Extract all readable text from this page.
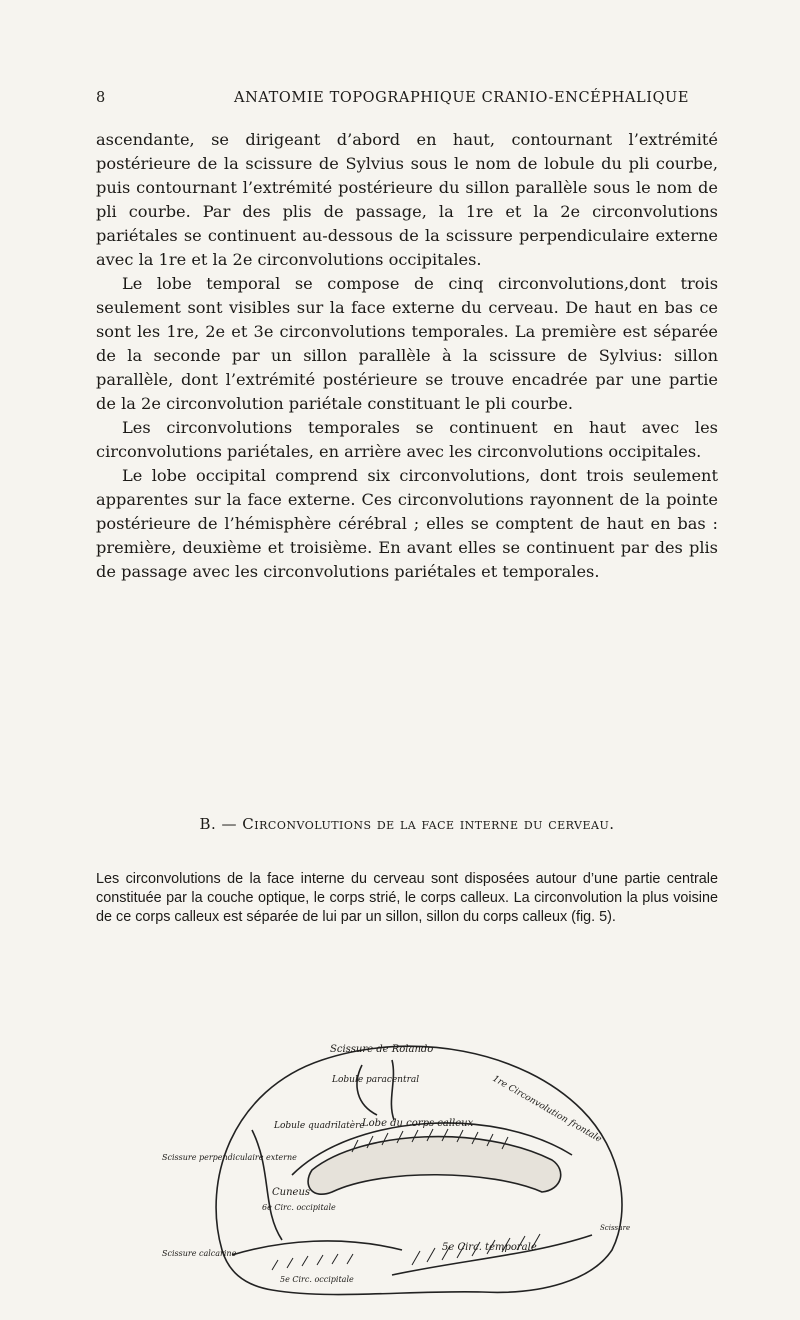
8	ANATOMIE TOPOGRAPHIQUE CRANIO-ENCÉPHALIQUE

ascendante, se dirigeant d’abord en haut, contournant l’extrémité postérieure de la scissure de Sylvius sous le nom de lobule du pli courbe, puis contournant l’extrémité postérieure du sillon parallèle sous le nom de pli courbe. Par des plis de passage, la 1re et la 2e circonvolutions pariétales se continuent au-dessous de la scissure perpendiculaire externe avec la 1re et la 2e circonvolutions occipitales.

Le lobe temporal se compose de cinq circonvolutions,dont trois seulement sont visibles sur la face externe du cerveau. De haut en bas ce sont les 1re, 2e et 3e circonvolutions temporales. La première est séparée de la seconde par un sillon parallèle à la scissure de Sylvius: sillon parallèle, dont l’extrémité postérieure se trouve encadrée par une partie de la 2e circonvolution pariétale constituant le pli courbe.

Les circonvolutions temporales se continuent en haut avec les circonvolutions pariétales, en arrière avec les circonvolutions occipitales.

Le lobe occipital comprend six circonvolutions, dont trois seulement apparentes sur la face externe. Ces circonvolutions rayonnent de la pointe postérieure de l’hémisphère cérébral ; elles se comptent de haut en bas : première, deuxième et troisième. En avant elles se continuent par des plis de passage avec les circonvolutions pariétales et temporales.

B. — Circonvolutions de la face interne du cerveau.

Les circonvolutions de la face interne du cerveau sont disposées autour d’une partie centrale constituée par la couche optique, le corps strié, le corps calleux. La circonvolution la plus voisine de ce corps calleux est séparée de lui par un sillon, sillon du corps calleux (fig. 5).

Scissure de Rolando
Lobule paracentral
Lobule quadrilatère
Lobe du corps calleux 1re Circonvolution frontale
Scissure perpendiculaire externe
Cuneus
6e Circ. occipitale
Scissure calcarine
5e Circ. occipitale
5e Circ. temporale
Scissure
